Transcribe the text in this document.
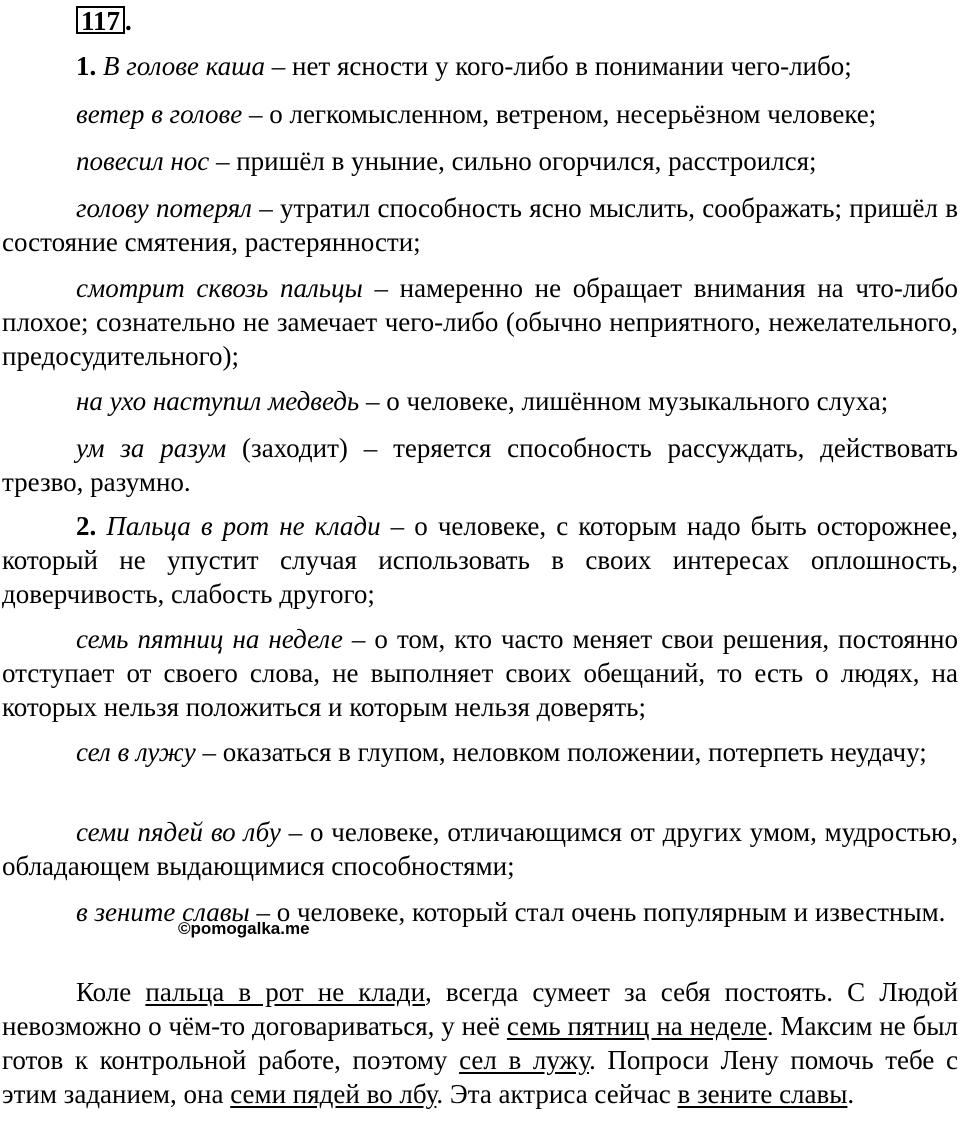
117 .

1. В голове каша – нет ясности у кого-либо в понимании чего-либо;

ветер в голове – о легкомысленном, ветреном, несерьёзном человеке;

повесил нос – пришёл в уныние, сильно огорчился, расстроился;

голову потерял – утратил способность ясно мыслить, соображать; пришёл в состояние смятения, растерянности;

смотрит сквозь пальцы – намеренно не обращает внимания на что-либо плохое; сознательно не замечает чего-либо (обычно неприятного, нежелательного, предосудительного);

на ухо наступил медведь – о человеке, лишённом музыкального слуха;

ум за разум (заходит) – теряется способность рассуждать, действовать трезво, разумно.

2. Пальца в рот не клади – о человеке, с которым надо быть осторожнее, который не упустит случая использовать в своих интересах оплошность, доверчивость, слабость другого;

семь пятниц на неделе – о том, кто часто меняет свои решения, постоянно отступает от своего слова, не выполняет своих обещаний, то есть о людях, на которых нельзя положиться и которым нельзя доверять;

сел в лужу – оказаться в глупом, неловком положении, потерпеть неудачу;

семи пядей во лбу – о человеке, отличающимся от других умом, мудростью, обладающем выдающимися способностями;

в зените славы – о человеке, который стал очень популярным и известным.

©pomogalka.me

Коле пальца в рот не клади, всегда сумеет за себя постоять. С Людой невозможно о чём-то договариваться, у неё семь пятниц на неделе. Максим не был готов к контрольной работе, поэтому сел в лужу. Попроси Лену помочь тебе с этим заданием, она семи пядей во лбу. Эта актриса сейчас в зените славы.
